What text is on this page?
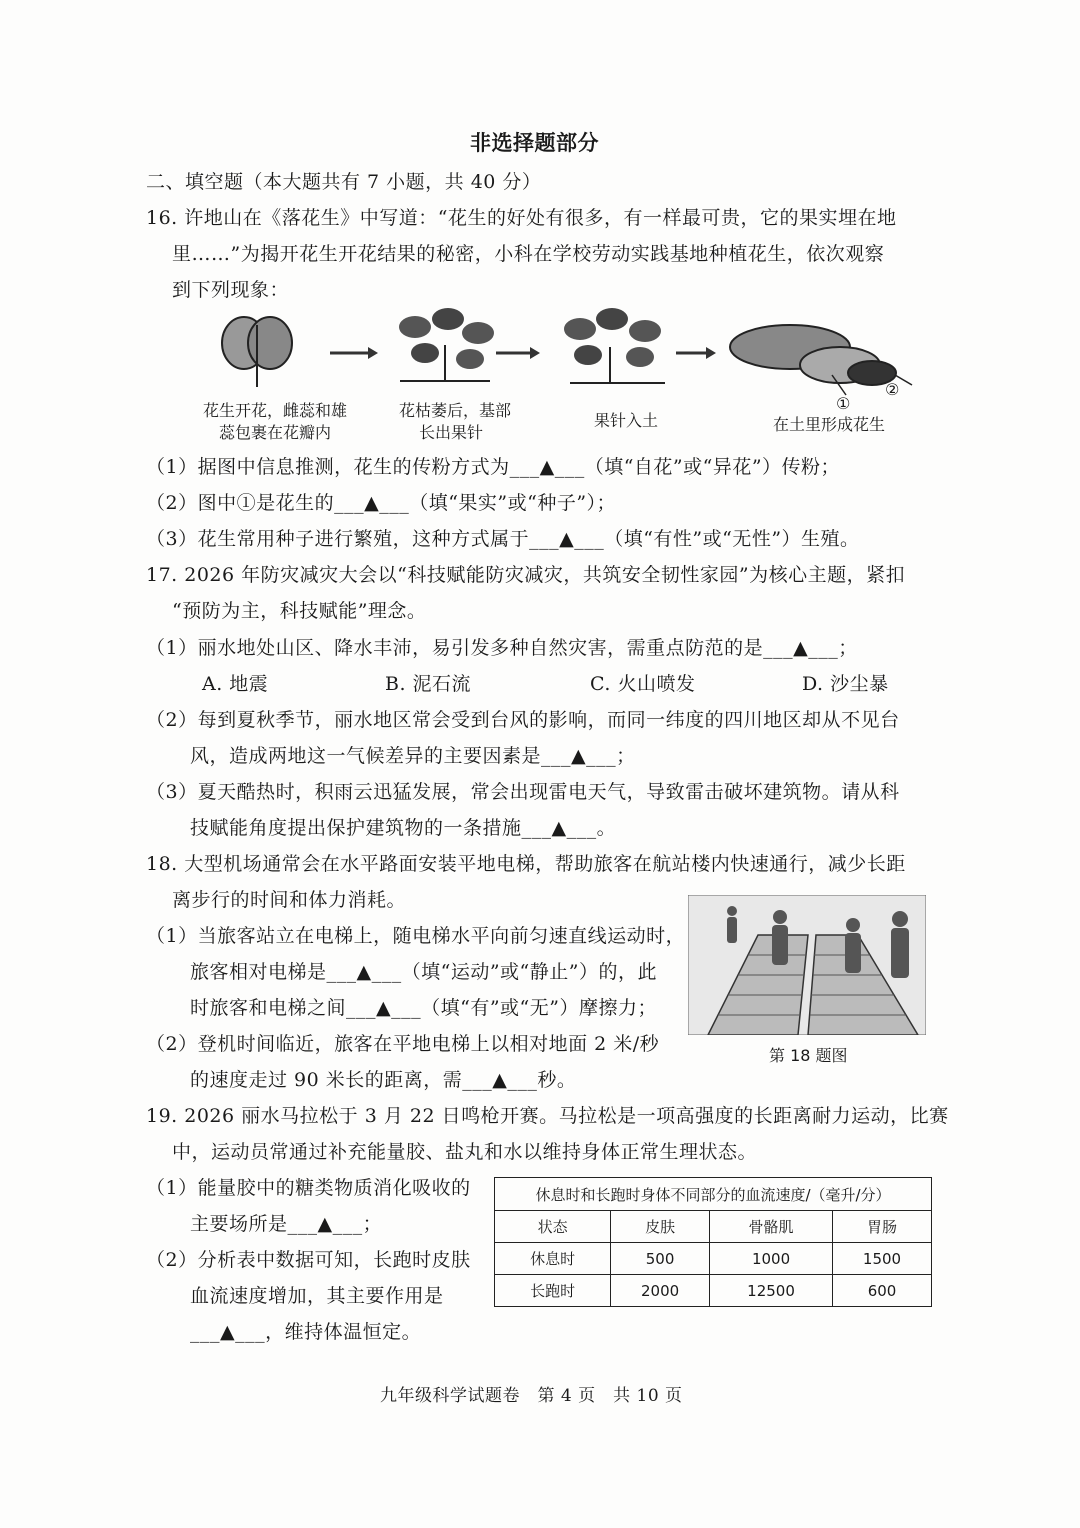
非选择题部分
二、填空题（本大题共有 7 小题，共 40 分）
16. 许地山在《落花生》中写道：“花生的好处有很多，有一样最可贵，它的果实埋在地
里……”为揭开花生开花结果的秘密，小科在学校劳动实践基地种植花生，依次观察
到下列现象：
②
①
花生开花，雌蕊和雄
蕊包裹在花瓣内
花枯萎后，基部
长出果针
果针入土	在土里形成花生
（1）据图中信息推测，花生的传粉方式为___▲___（填“自花”或“异花”）传粉；
（2）图中①是花生的___▲___（填“果实”或“种子”）；
（3）花生常用种子进行繁殖，这种方式属于___▲___（填“有性”或“无性”）生殖。
17. 2026 年防灾减灾大会以“科技赋能防灾减灾，共筑安全韧性家园”为核心主题，紧扣
“预防为主，科技赋能”理念。
（1）丽水地处山区、降水丰沛，易引发多种自然灾害，需重点防范的是___▲___；
A. 地震	B. 泥石流	C. 火山喷发	D. 沙尘暴
（2）每到夏秋季节，丽水地区常会受到台风的影响，而同一纬度的四川地区却从不见台
风，造成两地这一气候差异的主要因素是___▲___；
（3）夏天酷热时，积雨云迅猛发展，常会出现雷电天气，导致雷击破坏建筑物。请从科
技赋能角度提出保护建筑物的一条措施___▲___。
18. 大型机场通常会在水平路面安装平地电梯，帮助旅客在航站楼内快速通行，减少长距
离步行的时间和体力消耗。
（1）当旅客站立在电梯上，随电梯水平向前匀速直线运动时，
旅客相对电梯是___▲___（填“运动”或“静止”）的，此
时旅客和电梯之间___▲___（填“有”或“无”）摩擦力；
（2）登机时间临近，旅客在平地电梯上以相对地面 2 米/秒
的速度走过 90 米长的距离，需___▲___秒。
第 18 题图
19. 2026 丽水马拉松于 3 月 22 日鸣枪开赛。马拉松是一项高强度的长距离耐力运动，比赛
中，运动员常通过补充能量胶、盐丸和水以维持身体正常生理状态。
（1）能量胶中的糖类物质消化吸收的
主要场所是___▲___；
（2）分析表中数据可知，长跑时皮肤
血流速度增加，其主要作用是
___▲___，维持体温恒定。
休息时和长跑时身体不同部分的血流速度/（毫升/分）			
状态	皮肤	骨骼肌	胃肠
休息时	500	1000	1500
长跑时	2000	12500	600
九年级科学试题卷　第 4 页　共 10 页
